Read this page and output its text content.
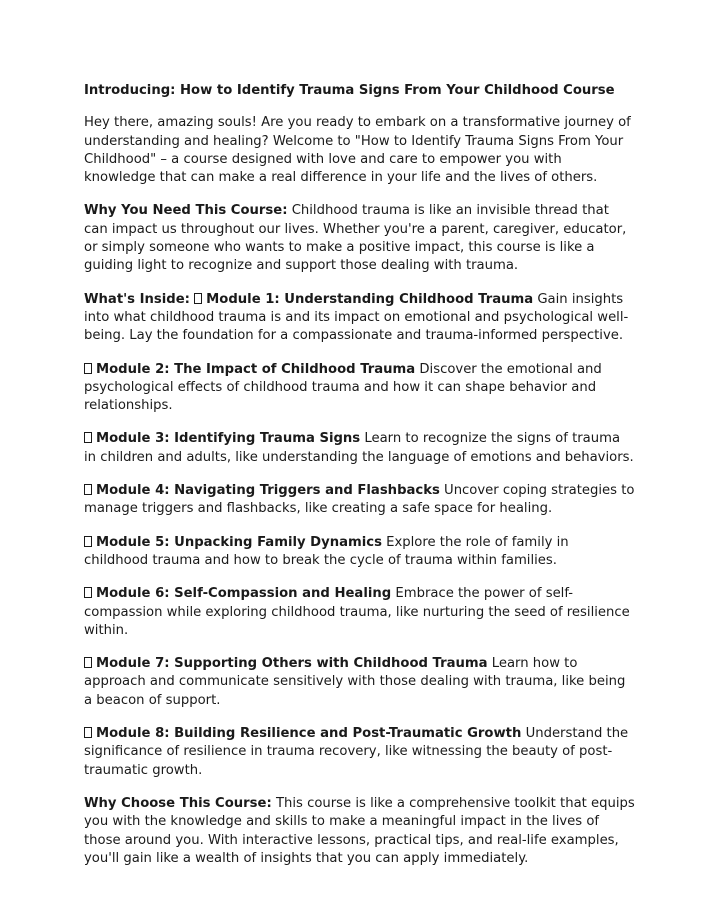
Introducing: How to Identify Trauma Signs From Your Childhood Course

Hey there, amazing souls! Are you ready to embark on a transformative journey of understanding and healing? Welcome to "How to Identify Trauma Signs From Your Childhood" – a course designed with love and care to empower you with knowledge that can make a real difference in your life and the lives of others.

Why You Need This Course: Childhood trauma is like an invisible thread that can impact us throughout our lives. Whether you're a parent, caregiver, educator, or simply someone who wants to make a positive impact, this course is like a guiding light to recognize and support those dealing with trauma.

What's Inside: Module 1: Understanding Childhood Trauma Gain insights into what childhood trauma is and its impact on emotional and psychological well-being. Lay the foundation for a compassionate and trauma-informed perspective.

Module 2: The Impact of Childhood Trauma Discover the emotional and psychological effects of childhood trauma and how it can shape behavior and relationships.

Module 3: Identifying Trauma Signs Learn to recognize the signs of trauma in children and adults, like understanding the language of emotions and behaviors.

Module 4: Navigating Triggers and Flashbacks Uncover coping strategies to manage triggers and flashbacks, like creating a safe space for healing.

Module 5: Unpacking Family Dynamics Explore the role of family in childhood trauma and how to break the cycle of trauma within families.

Module 6: Self-Compassion and Healing Embrace the power of self-compassion while exploring childhood trauma, like nurturing the seed of resilience within.

Module 7: Supporting Others with Childhood Trauma Learn how to approach and communicate sensitively with those dealing with trauma, like being a beacon of support.

Module 8: Building Resilience and Post-Traumatic Growth Understand the significance of resilience in trauma recovery, like witnessing the beauty of post-traumatic growth.

Why Choose This Course: This course is like a comprehensive toolkit that equips you with the knowledge and skills to make a meaningful impact in the lives of those around you. With interactive lessons, practical tips, and real-life examples, you'll gain like a wealth of insights that you can apply immediately.
